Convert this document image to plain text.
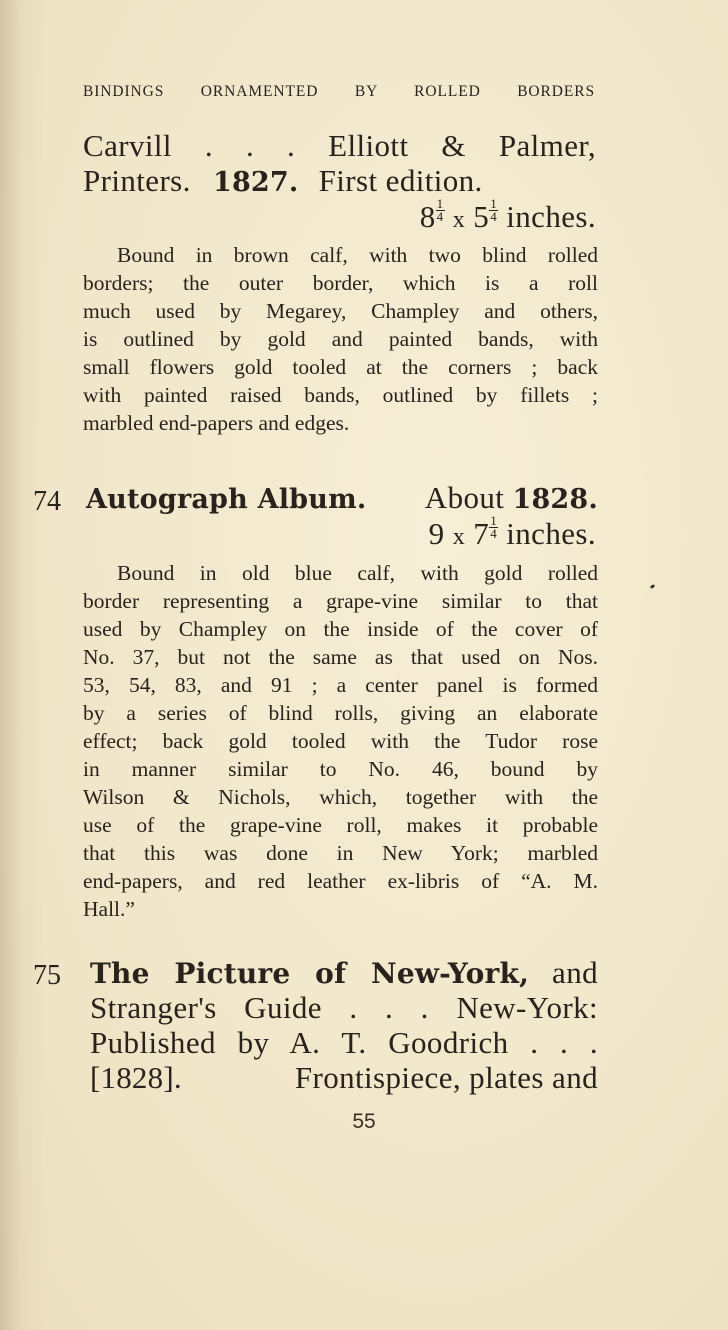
BINDINGS ORNAMENTED BY ROLLED BORDERS
Carvill . . . Elliott & Palmer,
Printers. 1827. First edition.
$8 \frac{1}{4}$ x $5 \frac{1}{4}$ inches.
Bound in brown calf, with two blind rolled
borders; the outer border, which is a roll
much used by Megarey, Champley and others,
is outlined by gold and painted bands, with
small flowers gold tooled at the corners ; back
with painted raised bands, outlined by fillets ;
marbled end-papers and edges.
74 Autograph Album. About 1828.
9 x $7 \frac{1}{4}$ inches.
Bound in old blue calf, with gold rolled
border representing a grape-vine similar to that
used by Champley on the inside of the cover of
No. 37, but not the same as that used on Nos.
53, 54, 83, and 91 ; a center panel is formed
by a series of blind rolls, giving an elaborate
effect; back gold tooled with the Tudor rose
in manner similar to No. 46, bound by
Wilson & Nichols, which, together with the
use of the grape-vine roll, makes it probable
that this was done in New York; marbled
end-papers, and red leather ex-libris of “A. M.
Hall.”
75 The Picture of New-York, and
Stranger's Guide . . . New-York:
Published by A. T. Goodrich . . .
[1828].	Frontispiece, plates and
55
